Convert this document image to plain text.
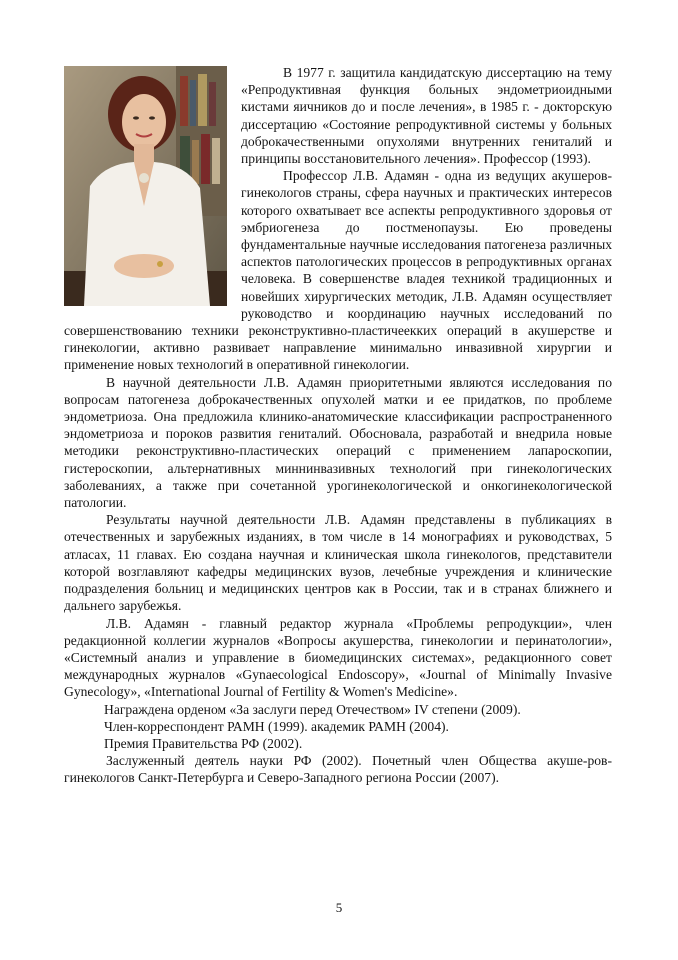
В 1977 г. защитила кандидатскую диссертацию на тему «Репродуктивная функция больных эндометриоидными кистами яичников до и после лечения», в 1985 г. - докторскую диссертацию «Состояние репродуктивной системы у больных доброкачественными опухолями внутренних гениталий и принципы восстановительного лечения». Профессор (1993).

Профессор Л.В. Адамян - одна из ведущих акушеров-гинекологов страны, сфера научных и практических интересов которого охватывает все аспекты репродуктивного здоровья от эмбриогенеза до постменопаузы. Ею проведены фундаментальные научные исследования патогенеза различных аспектов патологических процессов в репродуктивных органах человека. В совершенстве владея техникой традиционных и новейших хирургических методик, Л.В. Адамян осуществляет руководство и координацию научных исследований по совершенствованию техники реконструктивно-пластичеекких операций в акушерстве и гинекологии, активно развивает направление минимально инвазивной хирургии и применение новых технологий в оперативной гинекологии.

В научной деятельности Л.В. Адамян приоритетными являются исследования по вопросам патогенеза доброкачественных опухолей матки и ее придатков, по проблеме эндометриоза. Она предложила клинико-анатомические классификации распространенного эндометриоза и пороков развития гениталий. Обосновала, разработай и внедрила новые методики реконструктивно-пластических операций с применением лапароскопии, гистероскопии, альтернативных миннинвазивных технологий при гинекологических заболеваниях, а также при сочетанной урогинекологической и онкогинекологической патологии.

Результаты научной деятельности Л.В. Адамян представлены в публикациях в отечественных и зарубежных изданиях, в том числе в 14 монографиях и руководствах, 5 атласах, 11 главах. Ею создана научная и клиническая школа гинекологов, представители которой возглавляют кафедры медицинских вузов, лечебные учреждения и клинические подразделения больниц и медицинских центров как в России, так и в странах ближнего и дальнего зарубежья.

Л.В. Адамян - главный редактор журнала «Проблемы репродукции», член редакционной коллегии журналов «Вопросы акушерства, гинекологии и перинатологии», «Системный анализ и управление в биомедицинских системах», редакционного совет международных журналов «Gynaecological Endoscopy», «Journal of Minimally Invasive Gynecology», «International Journal of Fertility & Women's Medicine».

Награждена орденом «За заслуги перед Отечеством» IV степени (2009).

Член-корреспондент РАМН (1999). академик РАМН (2004).

Премия Правительства РФ (2002).

Заслуженный деятель науки РФ (2002). Почетный член Общества акуше-ров-гинекологов Санкт-Петербурга и Северо-Западного региона России (2007).

5
